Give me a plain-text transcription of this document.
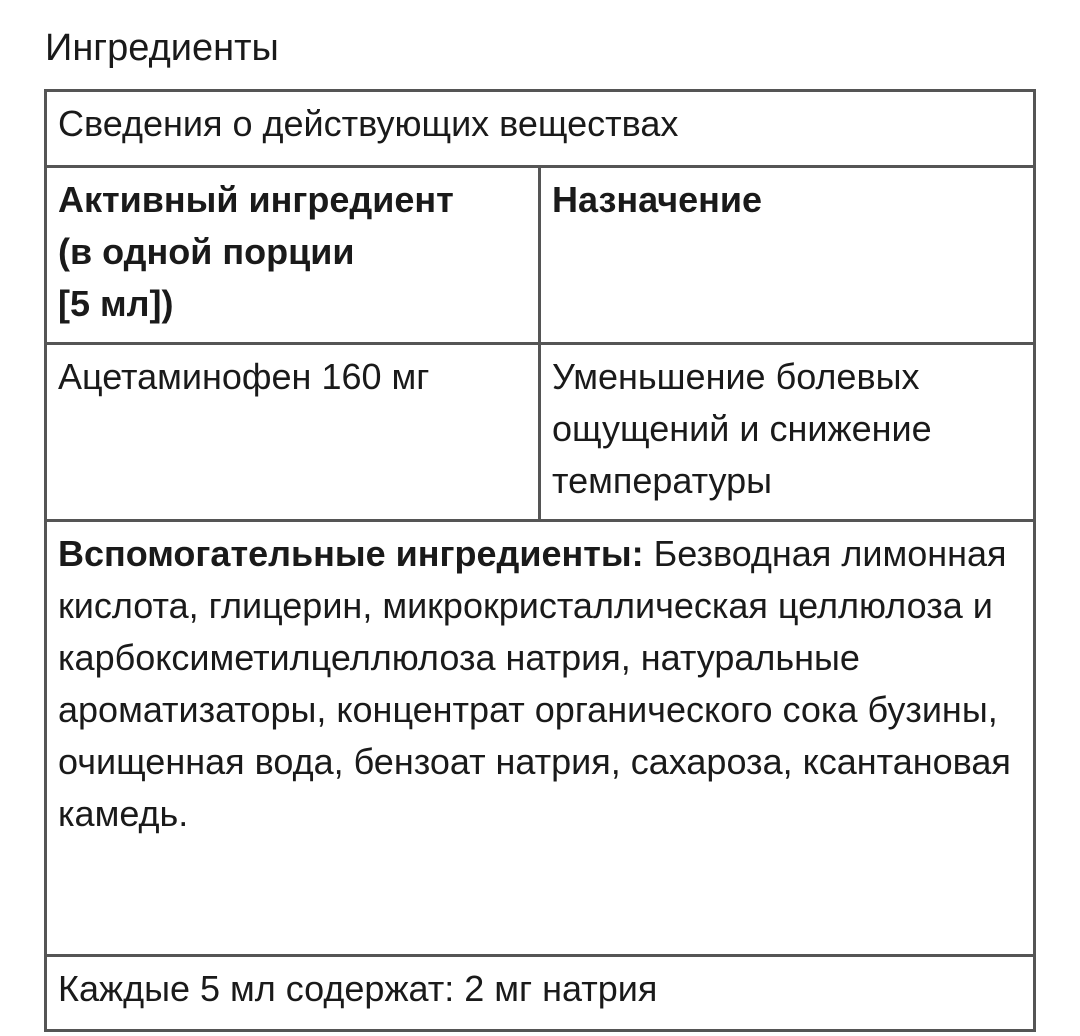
Ингредиенты
Сведения о действующих веществах	
Активный ингредиент
(в одной порции
[5 мл])	Назначение
Ацетаминофен 160 мг	Уменьшение болевых ощущений и снижение температуры
Вспомогательные ингредиенты: Безводная лимонная кислота, глицерин, микрокристаллическая целлюлоза и карбоксиметилцеллюлоза натрия, натуральные ароматизаторы, концентрат органического сока бузины, очищенная вода, бензоат натрия, сахароза, ксантановая камедь.	
Каждые 5 мл содержат: 2 мг натрия	
